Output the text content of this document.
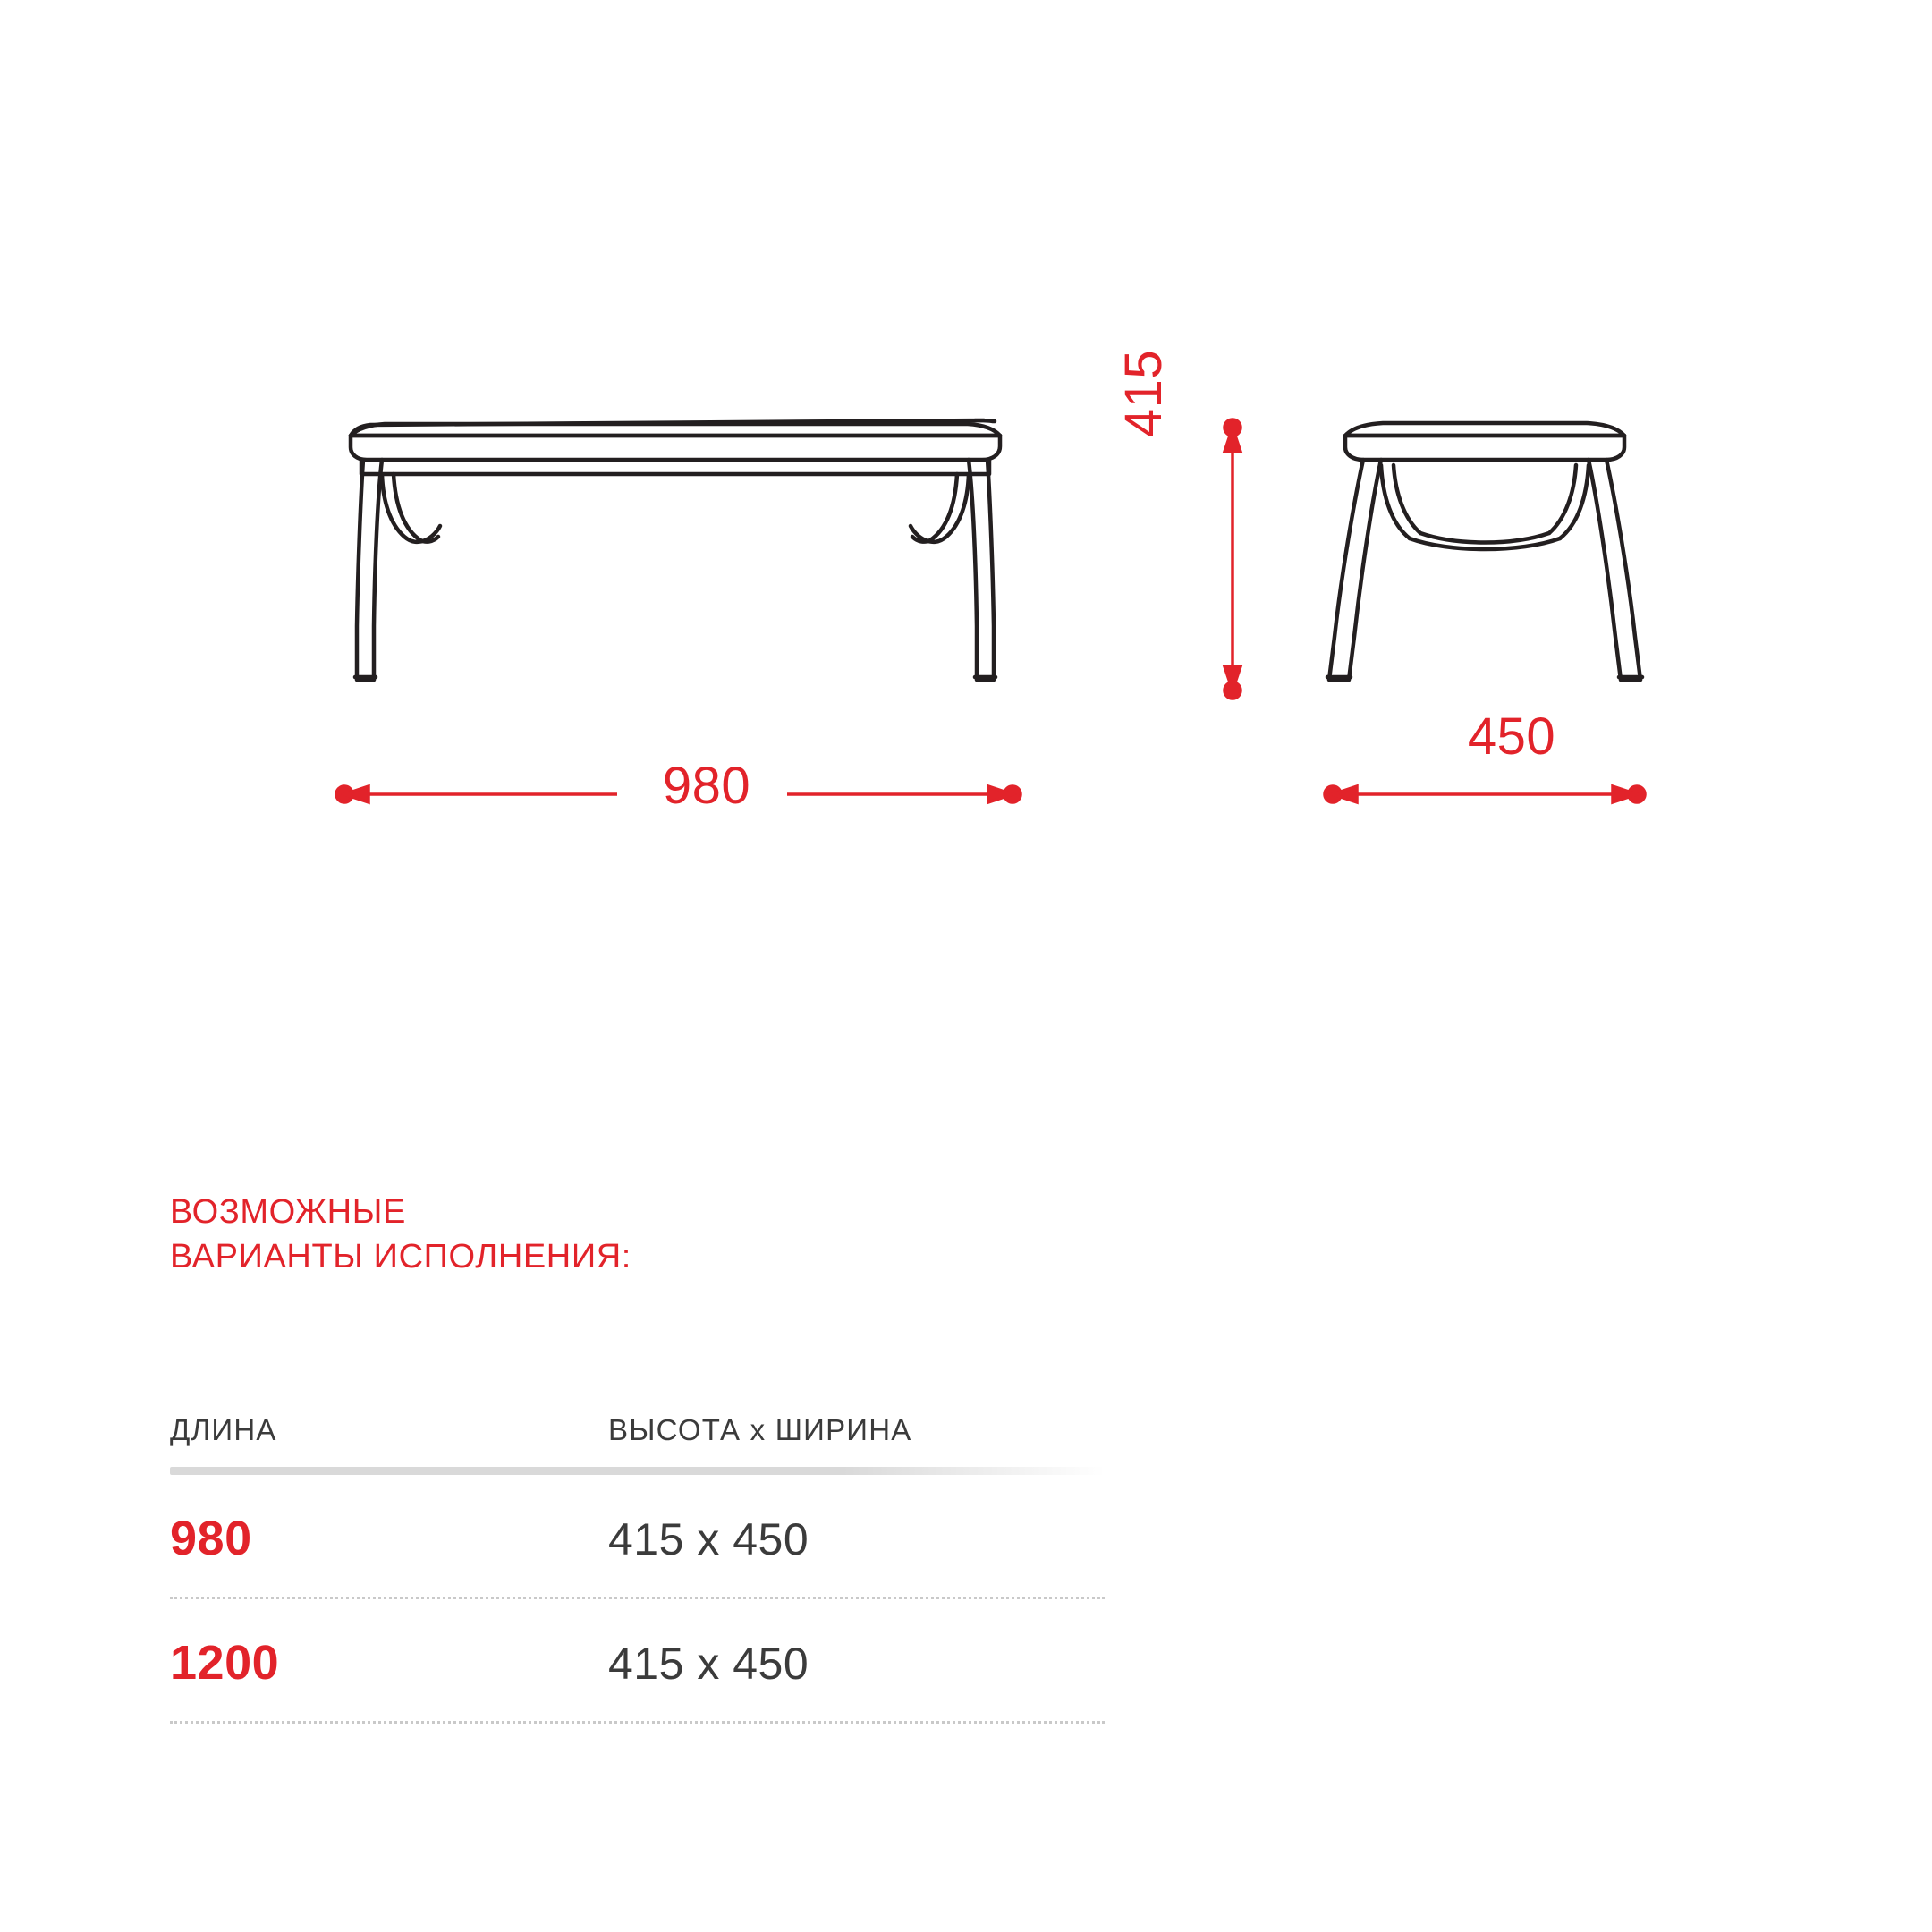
980
450
415
ВОЗМОЖНЫЕ
ВАРИАНТЫ ИСПОЛНЕНИЯ:
ДЛИНА	ВЫСОТА х ШИРИНА
980	415 х 450
1200	415 х 450
